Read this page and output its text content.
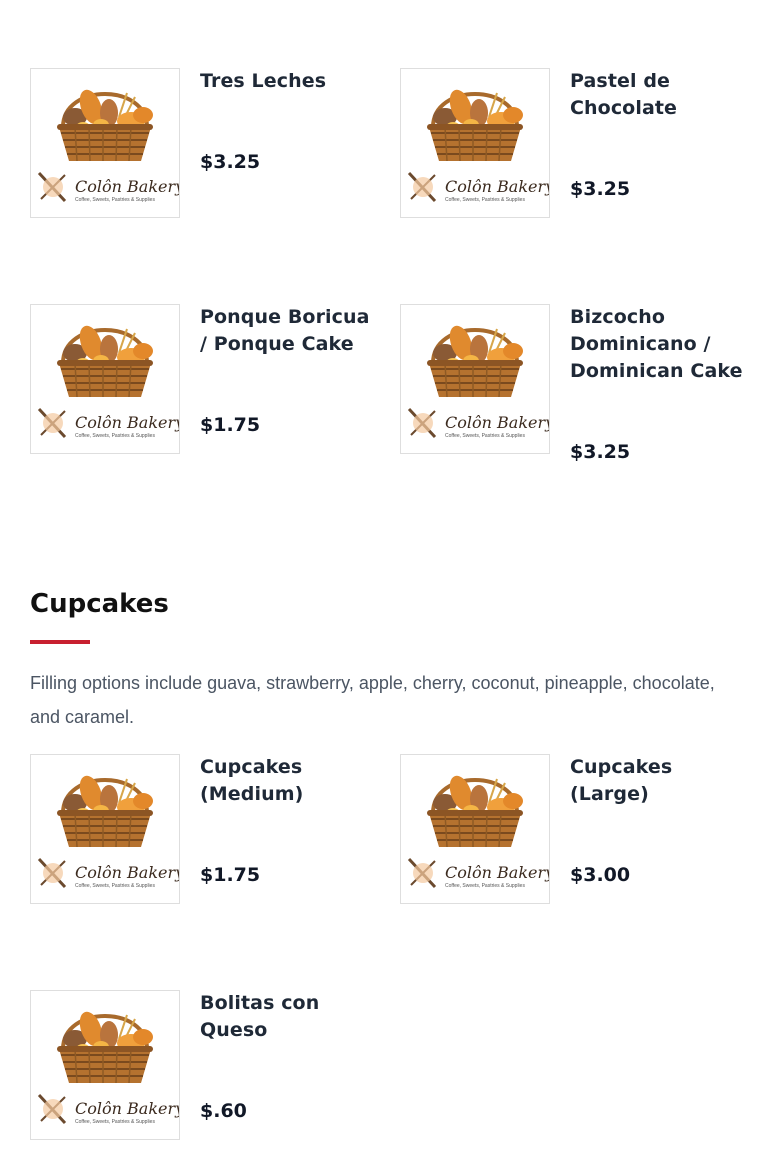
Tres Leches
$3.25
Pastel de Chocolate
$3.25
Ponque Boricua / Ponque Cake
$1.75
Bizcocho Dominicano / Dominican Cake
$3.25
Cupcakes

Filling options include guava, strawberry, apple, cherry, coconut, pineapple, chocolate, and caramel.

Cupcakes (Medium)
$1.75
Cupcakes (Large)
$3.00
Bolitas con Queso
$.60
